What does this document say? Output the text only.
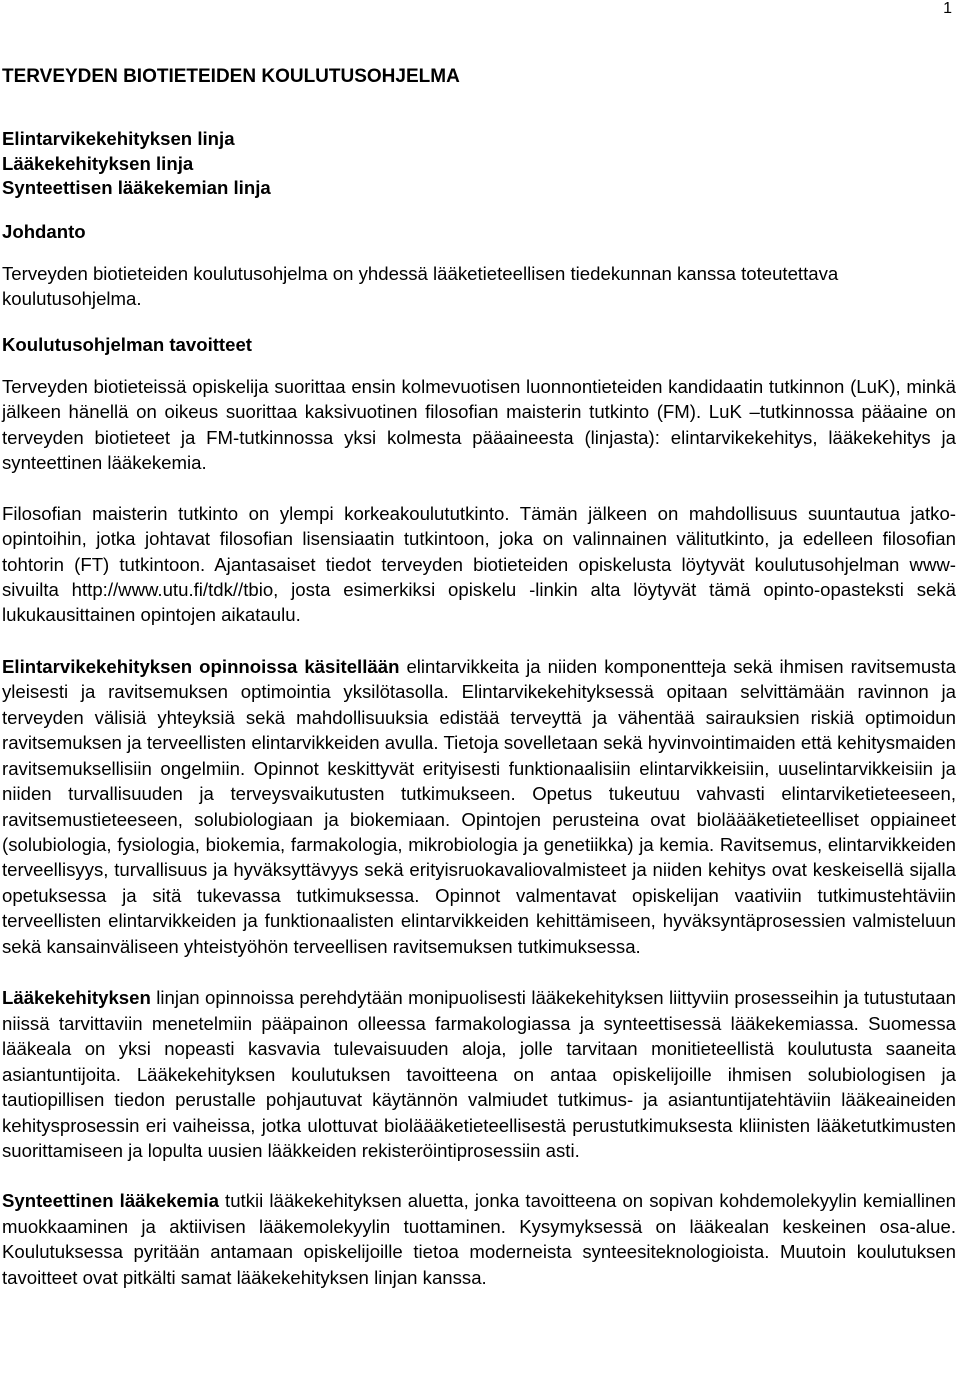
1
TERVEYDEN BIOTIETEIDEN KOULUTUSOHJELMA
Elintarvikekehityksen linja
Lääkekehityksen linja
Synteettisen lääkekemian linja
Johdanto

Terveyden biotieteiden koulutusohjelma on yhdessä lääketieteellisen tiedekunnan kanssa toteutettava koulutusohjelma.

Koulutusohjelman tavoitteet

Terveyden biotieteissä opiskelija suorittaa ensin kolmevuotisen luonnontieteiden kandidaatin tutkinnon (LuK), minkä jälkeen hänellä on oikeus suorittaa kaksivuotinen filosofian maisterin tutkinto (FM). LuK –tutkinnossa pääaine on terveyden biotieteet ja FM-tutkinnossa yksi kolmesta pääaineesta (linjasta): elintarvikekehitys, lääkekehitys ja synteettinen lääkekemia.

Filosofian maisterin tutkinto on ylempi korkeakoulututkinto. Tämän jälkeen on mahdollisuus suuntautua jatko-opintoihin, jotka johtavat filosofian lisensiaatin tutkintoon, joka on valinnainen välitutkinto, ja edelleen filosofian tohtorin (FT) tutkintoon. Ajantasaiset tiedot terveyden biotieteiden opiskelusta löytyvät koulutusohjelman www-sivuilta http://www.utu.fi/tdk//tbio, josta esimerkiksi opiskelu -linkin alta löytyvät tämä opinto-opasteksti sekä lukukausittainen opintojen aikataulu.

Elintarvikekehityksen opinnoissa käsitellään elintarvikkeita ja niiden komponentteja sekä ihmisen ravitsemusta yleisesti ja ravitsemuksen optimointia yksilötasolla. Elintarvikekehityksessä opitaan selvittämään ravinnon ja terveyden välisiä yhteyksiä sekä mahdollisuuksia edistää terveyttä ja vähentää sairauksien riskiä optimoidun ravitsemuksen ja terveellisten elintarvikkeiden avulla. Tietoja sovelletaan sekä hyvinvointimaiden että kehitysmaiden ravitsemuksellisiin ongelmiin. Opinnot keskittyvät erityisesti funktionaalisiin elintarvikkeisiin, uuselintarvikkeisiin ja niiden turvallisuuden ja terveysvaikutusten tutkimukseen. Opetus tukeutuu vahvasti elintarviketieteeseen, ravitsemustieteeseen, solubiologiaan ja biokemiaan. Opintojen perusteina ovat bioläääketieteelliset oppiaineet (solubiologia, fysiologia, biokemia, farmakologia, mikrobiologia ja genetiikka) ja kemia. Ravitsemus, elintarvikkeiden terveellisyys, turvallisuus ja hyväksyttävyys sekä erityisruokavaliovalmisteet ja niiden kehitys ovat keskeisellä sijalla opetuksessa ja sitä tukevassa tutkimuksessa. Opinnot valmentavat opiskelijan vaativiin tutkimustehtäviin terveellisten elintarvikkeiden ja funktionaalisten elintarvikkeiden kehittämiseen, hyväksyntäprosessien valmisteluun sekä kansainväliseen yhteistyöhön terveellisen ravitsemuksen tutkimuksessa.

Lääkekehityksen linjan opinnoissa perehdytään monipuolisesti lääkekehityksen liittyviin prosesseihin ja tutustutaan niissä tarvittaviin menetelmiin pääpainon olleessa farmakologiassa ja synteettisessä lääkekemiassa. Suomessa lääkeala on yksi nopeasti kasvavia tulevaisuuden aloja, jolle tarvitaan monitieteellistä koulutusta saaneita asiantuntijoita. Lääkekehityksen koulutuksen tavoitteena on antaa opiskelijoille ihmisen solubiologisen ja tautiopillisen tiedon perustalle pohjautuvat käytännön valmiudet tutkimus- ja asiantuntijatehtäviin lääkeaineiden kehitysprosessin eri vaiheissa, jotka ulottuvat bioläääketieteellisestä perustutkimuksesta kliinisten lääketutkimusten suorittamiseen ja lopulta uusien lääkkeiden rekisteröintiprosessiin asti.

Synteettinen lääkekemia tutkii lääkekehityksen aluetta, jonka tavoitteena on sopivan kohdemolekyylin kemiallinen muokkaaminen ja aktiivisen lääkemolekyylin tuottaminen. Kysymyksessä on lääkealan keskeinen osa-alue. Koulutuksessa pyritään antamaan opiskelijoille tietoa moderneista synteesiteknologioista. Muutoin koulutuksen tavoitteet ovat pitkälti samat lääkekehityksen linjan kanssa.
